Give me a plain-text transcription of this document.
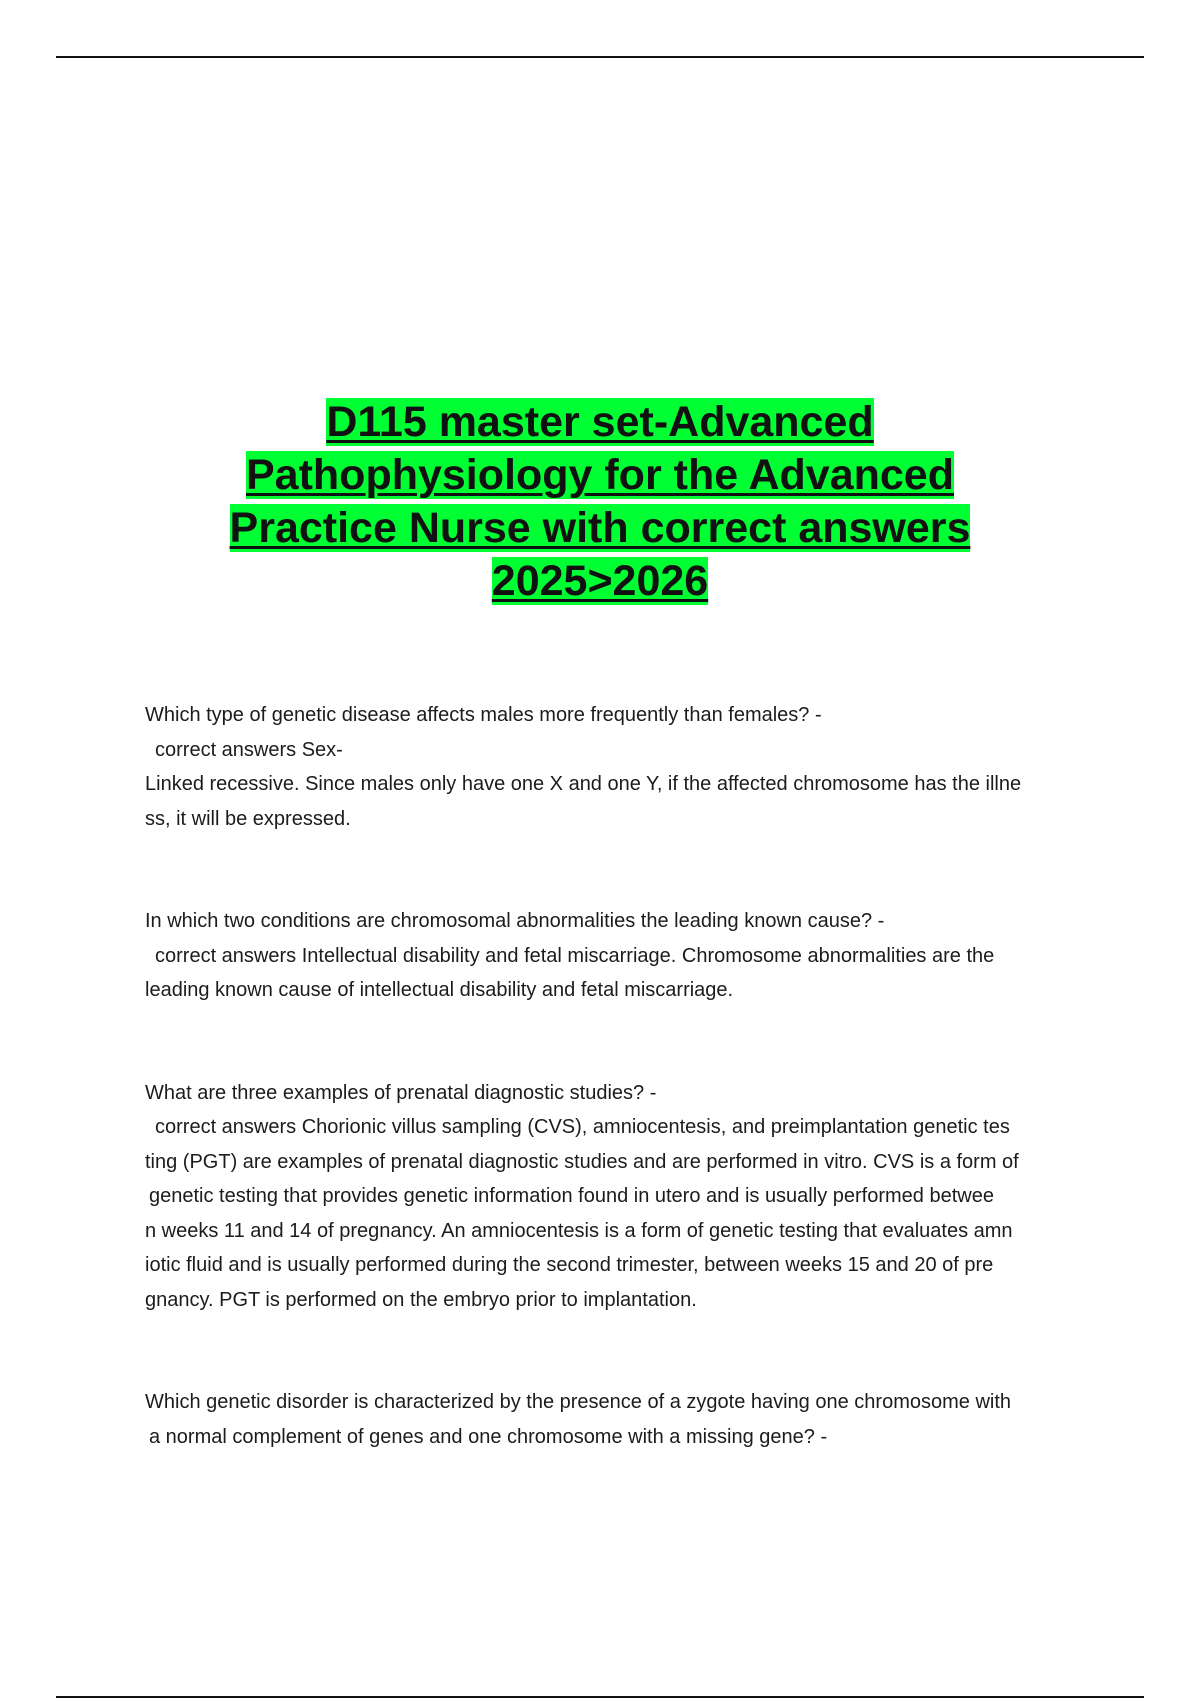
D115 master set-Advanced
Pathophysiology for the Advanced
Practice Nurse with correct answers
2025>2026

Which type of genetic disease affects males more frequently than females? -

correct answers Sex-

Linked recessive. Since males only have one X and one Y, if the affected chromosome has the illne

ss, it will be expressed.

In which two conditions are chromosomal abnormalities the leading known cause? -

correct answers Intellectual disability and fetal miscarriage. Chromosome abnormalities are the

leading known cause of intellectual disability and fetal miscarriage.

What are three examples of prenatal diagnostic studies? -

correct answers Chorionic villus sampling (CVS), amniocentesis, and preimplantation genetic tes

ting (PGT) are examples of prenatal diagnostic studies and are performed in vitro. CVS is a form of

genetic testing that provides genetic information found in utero and is usually performed betwee

n weeks 11 and 14 of pregnancy. An amniocentesis is a form of genetic testing that evaluates amn

iotic fluid and is usually performed during the second trimester, between weeks 15 and 20 of pre

gnancy. PGT is performed on the embryo prior to implantation.

Which genetic disorder is characterized by the presence of a zygote having one chromosome with

a normal complement of genes and one chromosome with a missing gene? -
